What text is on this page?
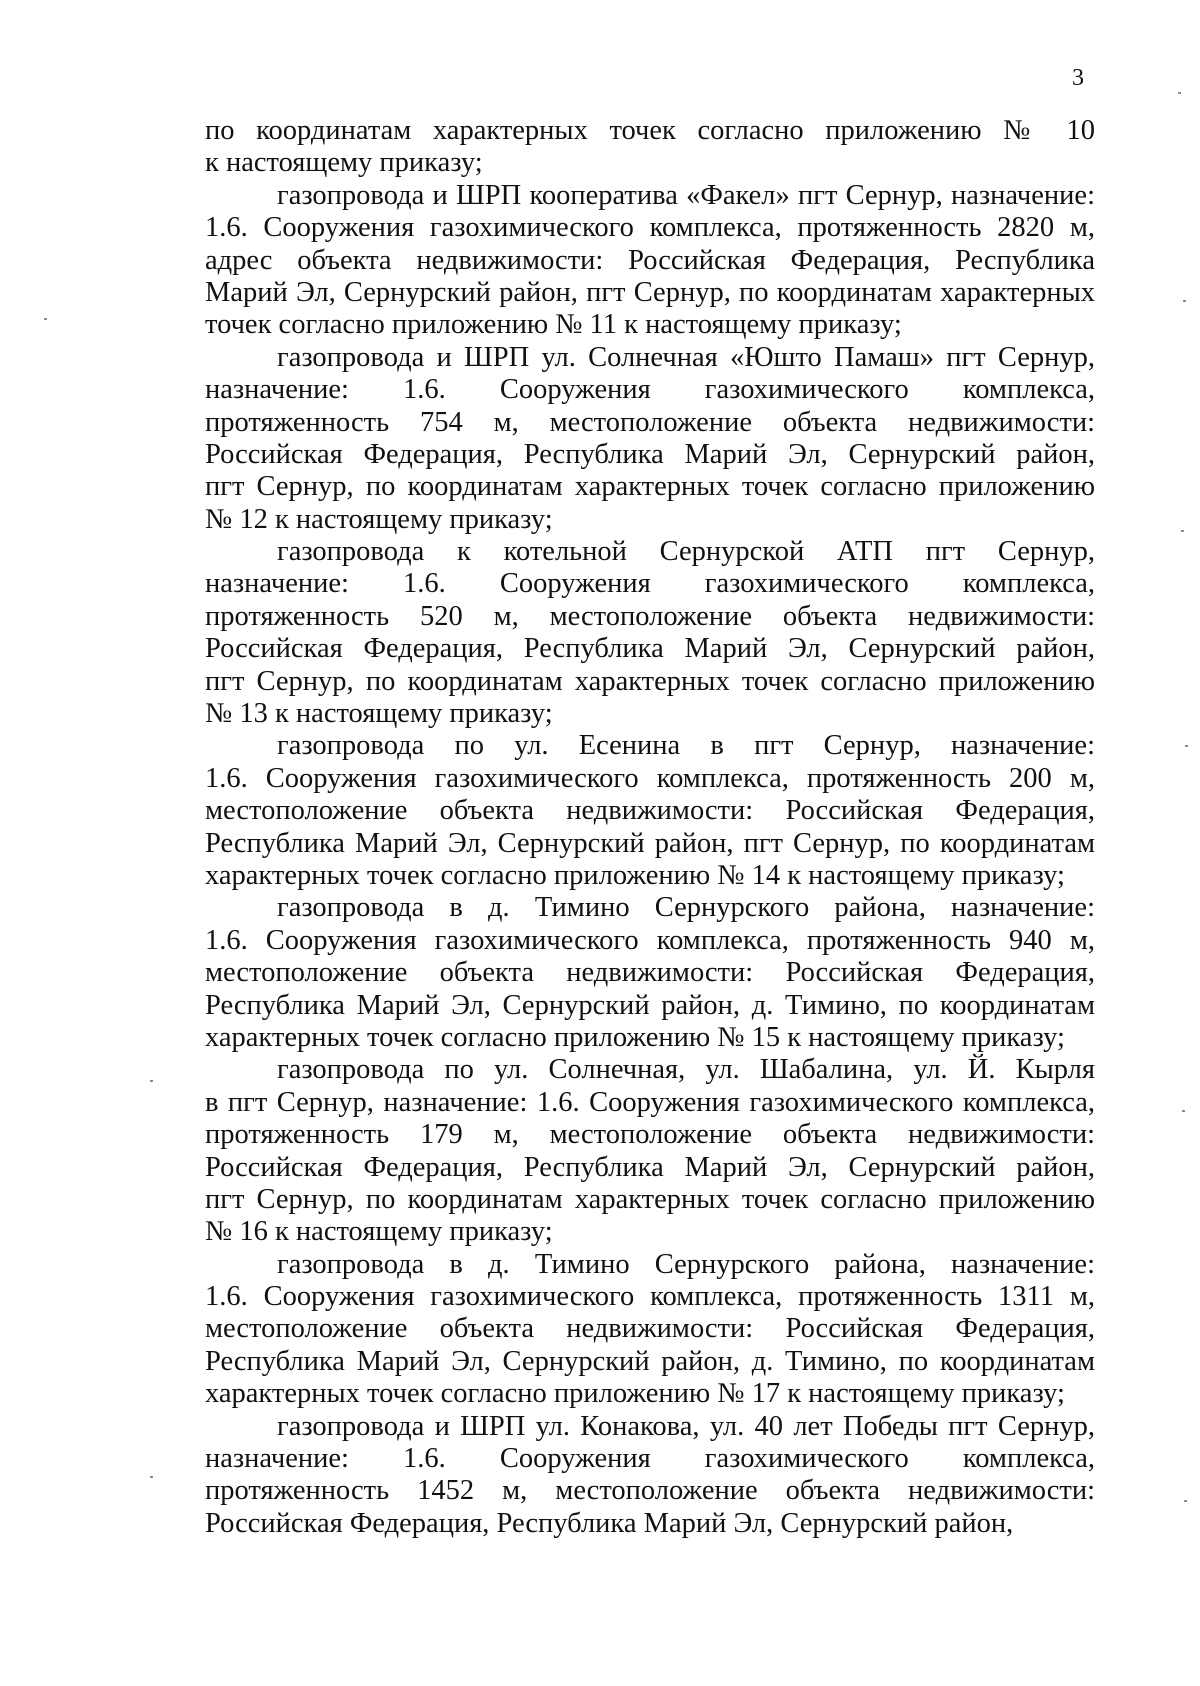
3
по координатам характерных точек согласно приложению № 10
к настоящему приказу;
газопровода и ШРП кооператива «Факел» пгт Сернур, назначение:
1.6. Сооружения газохимического комплекса, протяженность 2820 м,
адрес объекта недвижимости: Российская Федерация, Республика
Марий Эл, Сернурский район, пгт Сернур, по координатам характерных
точек согласно приложению № 11 к настоящему приказу;
газопровода и ШРП ул. Солнечная «Юшто Памаш» пгт Сернур,
назначение: 1.6. Сооружения газохимического комплекса,
протяженность 754 м, местоположение объекта недвижимости:
Российская Федерация, Республика Марий Эл, Сернурский район,
пгт Сернур, по координатам характерных точек согласно приложению
№ 12 к настоящему приказу;
газопровода к котельной Сернурской АТП пгт Сернур,
назначение: 1.6. Сооружения газохимического комплекса,
протяженность 520 м, местоположение объекта недвижимости:
Российская Федерация, Республика Марий Эл, Сернурский район,
пгт Сернур, по координатам характерных точек согласно приложению
№ 13 к настоящему приказу;
газопровода по ул. Есенина в пгт Сернур, назначение:
1.6. Сооружения газохимического комплекса, протяженность 200 м,
местоположение объекта недвижимости: Российская Федерация,
Республика Марий Эл, Сернурский район, пгт Сернур, по координатам
характерных точек согласно приложению № 14 к настоящему приказу;
газопровода в д. Тимино Сернурского района, назначение:
1.6. Сооружения газохимического комплекса, протяженность 940 м,
местоположение объекта недвижимости: Российская Федерация,
Республика Марий Эл, Сернурский район, д. Тимино, по координатам
характерных точек согласно приложению № 15 к настоящему приказу;
газопровода по ул. Солнечная, ул. Шабалина, ул. Й. Кырля
в пгт Сернур, назначение: 1.6. Сооружения газохимического комплекса,
протяженность 179 м, местоположение объекта недвижимости:
Российская Федерация, Республика Марий Эл, Сернурский район,
пгт Сернур, по координатам характерных точек согласно приложению
№ 16 к настоящему приказу;
газопровода в д. Тимино Сернурского района, назначение:
1.6. Сооружения газохимического комплекса, протяженность 1311 м,
местоположение объекта недвижимости: Российская Федерация,
Республика Марий Эл, Сернурский район, д. Тимино, по координатам
характерных точек согласно приложению № 17 к настоящему приказу;
газопровода и ШРП ул. Конакова, ул. 40 лет Победы пгт Сернур,
назначение: 1.6. Сооружения газохимического комплекса,
протяженность 1452 м, местоположение объекта недвижимости:
Российская Федерация, Республика Марий Эл, Сернурский район,
